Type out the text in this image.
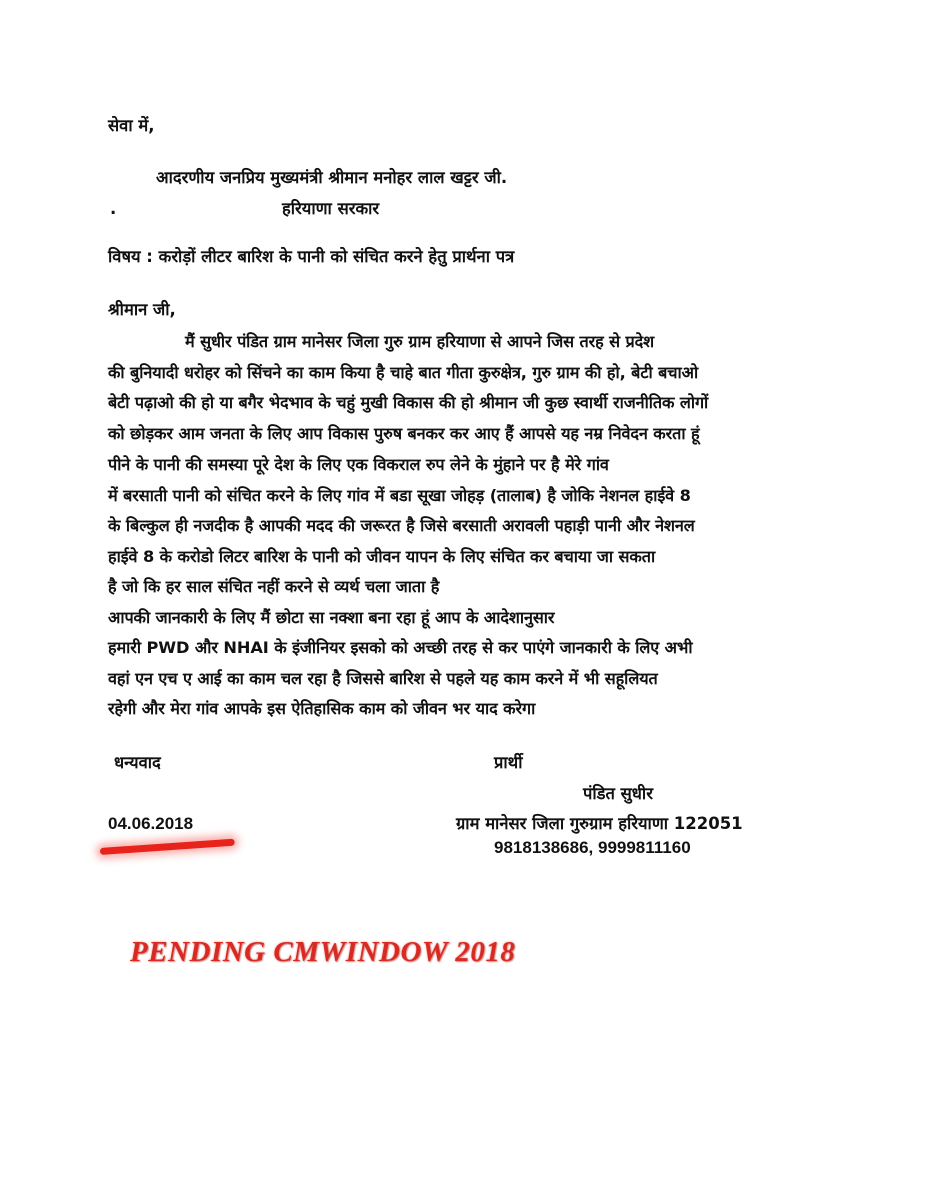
सेवा में,
आदरणीय जनप्रिय मुख्यमंत्री श्रीमान मनोहर लाल खट्टर जी.
.	हरियाणा सरकार
विषय : करोड़ों लीटर बारिश के पानी को संचित करने हेतु प्रार्थना पत्र
श्रीमान जी,
मैं सुधीर पंडित ग्राम मानेसर जिला गुरु ग्राम हरियाणा से आपने जिस तरह से प्रदेश
की बुनियादी धरोहर को सिंचने का काम किया है चाहे बात गीता कुरुक्षेत्र, गुरु ग्राम की हो, बेटी बचाओ
बेटी पढ़ाओ की हो या बगैर भेदभाव के चहुं मुखी विकास की हो श्रीमान जी कुछ स्वार्थी राजनीतिक लोगों
को छोड़कर आम जनता के लिए आप विकास पुरुष बनकर कर आए हैं आपसे यह नम्र निवेदन करता हूं
पीने के पानी की समस्या पूरे देश के लिए एक विकराल रुप लेने के मुंहाने पर है मेरे गांव
में बरसाती पानी को संचित करने के लिए गांव में बडा सूखा जोहड़ (तालाब) है जोकि नेशनल हाईवे 8
के बिल्कुल ही नजदीक है आपकी मदद की जरूरत है जिसे बरसाती अरावली पहाड़ी पानी और नेशनल
हाईवे 8 के करोडो लिटर बारिश के पानी को जीवन यापन के लिए संचित कर बचाया जा सकता
है जो कि हर साल संचित नहीं करने से व्यर्थ चला जाता है
आपकी जानकारी के लिए मैं छोटा सा नक्शा बना रहा हूं आप के आदेशानुसार
हमारी PWD और NHAI के इंजीनियर इसको को अच्छी तरह से कर पाएंगे जानकारी के लिए अभी
वहां एन एच ए आई का काम चल रहा है जिससे बारिश से पहले यह काम करने में भी सहूलियत
रहेगी और मेरा गांव आपके इस ऐतिहासिक काम को जीवन भर याद करेगा
धन्यवाद	प्रार्थी
पंडित सुधीर
04.06.2018	ग्राम मानेसर जिला गुरुग्राम हरियाणा 122051
9818138686, 9999811160
PENDING CMWINDOW 2018
